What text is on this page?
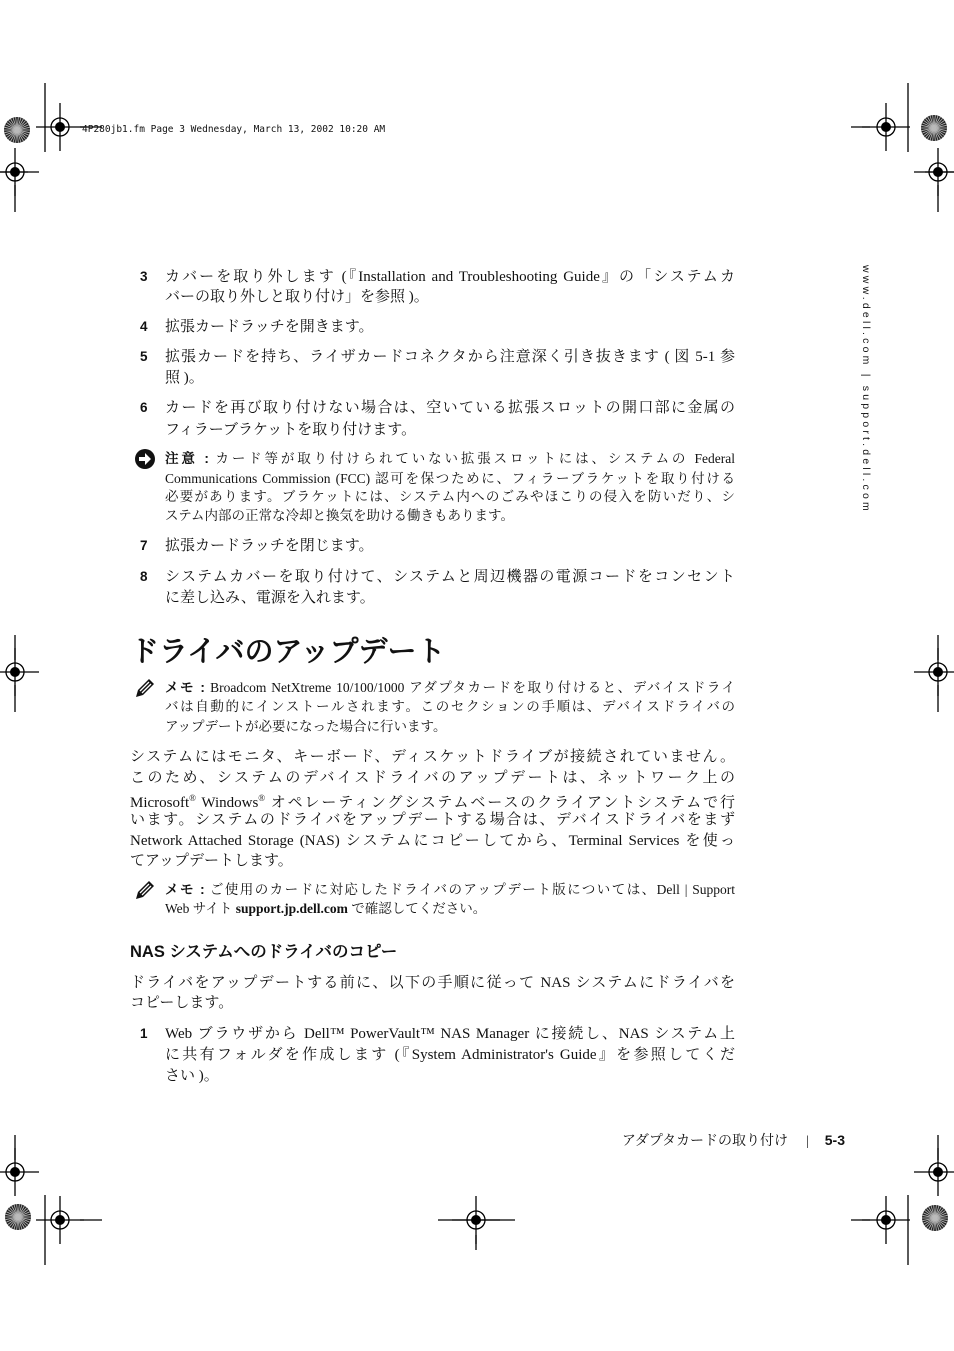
4P280jb1.fm Page 3 Wednesday, March 13, 2002 10:20 AM
www.dell.com | support.dell.com
3 カバーを取り外します (『Installation and Troubleshooting Guide』の「システムカ
バーの取り外しと取り付け」を参照 )。
4 拡張カードラッチを開きます。
5 拡張カードを持ち、ライザカードコネクタから注意深く引き抜きます ( 図 5-1 参
照 )。
6 カードを再び取り付けない場合は、空いている拡張スロットの開口部に金属の
フィラーブラケットを取り付けます。
注意 : カード等が取り付けられていない拡張スロットには、システムの Federal
Communications Commission (FCC) 認可を保つために、フィラーブラケットを取り付ける
必要があります。ブラケットには、システム内へのごみやほこりの侵入を防いだり、シ
ステム内部の正常な冷却と換気を助ける働きもあります。
7 拡張カードラッチを閉じます。
8 システムカバーを取り付けて、システムと周辺機器の電源コードをコンセント
に差し込み、電源を入れます。
メモ : Broadcom NetXtreme 10/100/1000 アダプタカードを取り付けると、デバイスドライ
バは自動的にインストールされます。このセクションの手順は、デバイスドライバの
アップデートが必要になった場合に行います。
システムにはモニタ、キーボード、ディスケットドライブが接続されていません。
このため、システムのデバイスドライバのアップデートは、ネットワーク上の
Microsoft® Windows® オペレーティングシステムベースのクライアントシステムで行
います。システムのドライバをアップデートする場合は、デバイスドライバをまず
Network Attached Storage (NAS) システムにコピーしてから、Terminal Services を使っ
てアップデートします。
メモ : ご使用のカードに対応したドライバのアップデート版については、Dell | Support
Web サイト support.jp.dell.com で確認してください。
ドライバをアップデートする前に、以下の手順に従って NAS システムにドライバを
コピーします。
1 Web ブラウザから Dell™ PowerVault™ NAS Manager に接続し、NAS システム上
に共有フォルダを作成します (『System Administrator's Guide』を参照してくだ
さい )。
ドライバのアップデート
NAS システムへのドライバのコピー
アダプタカードの取り付け | 5-3
